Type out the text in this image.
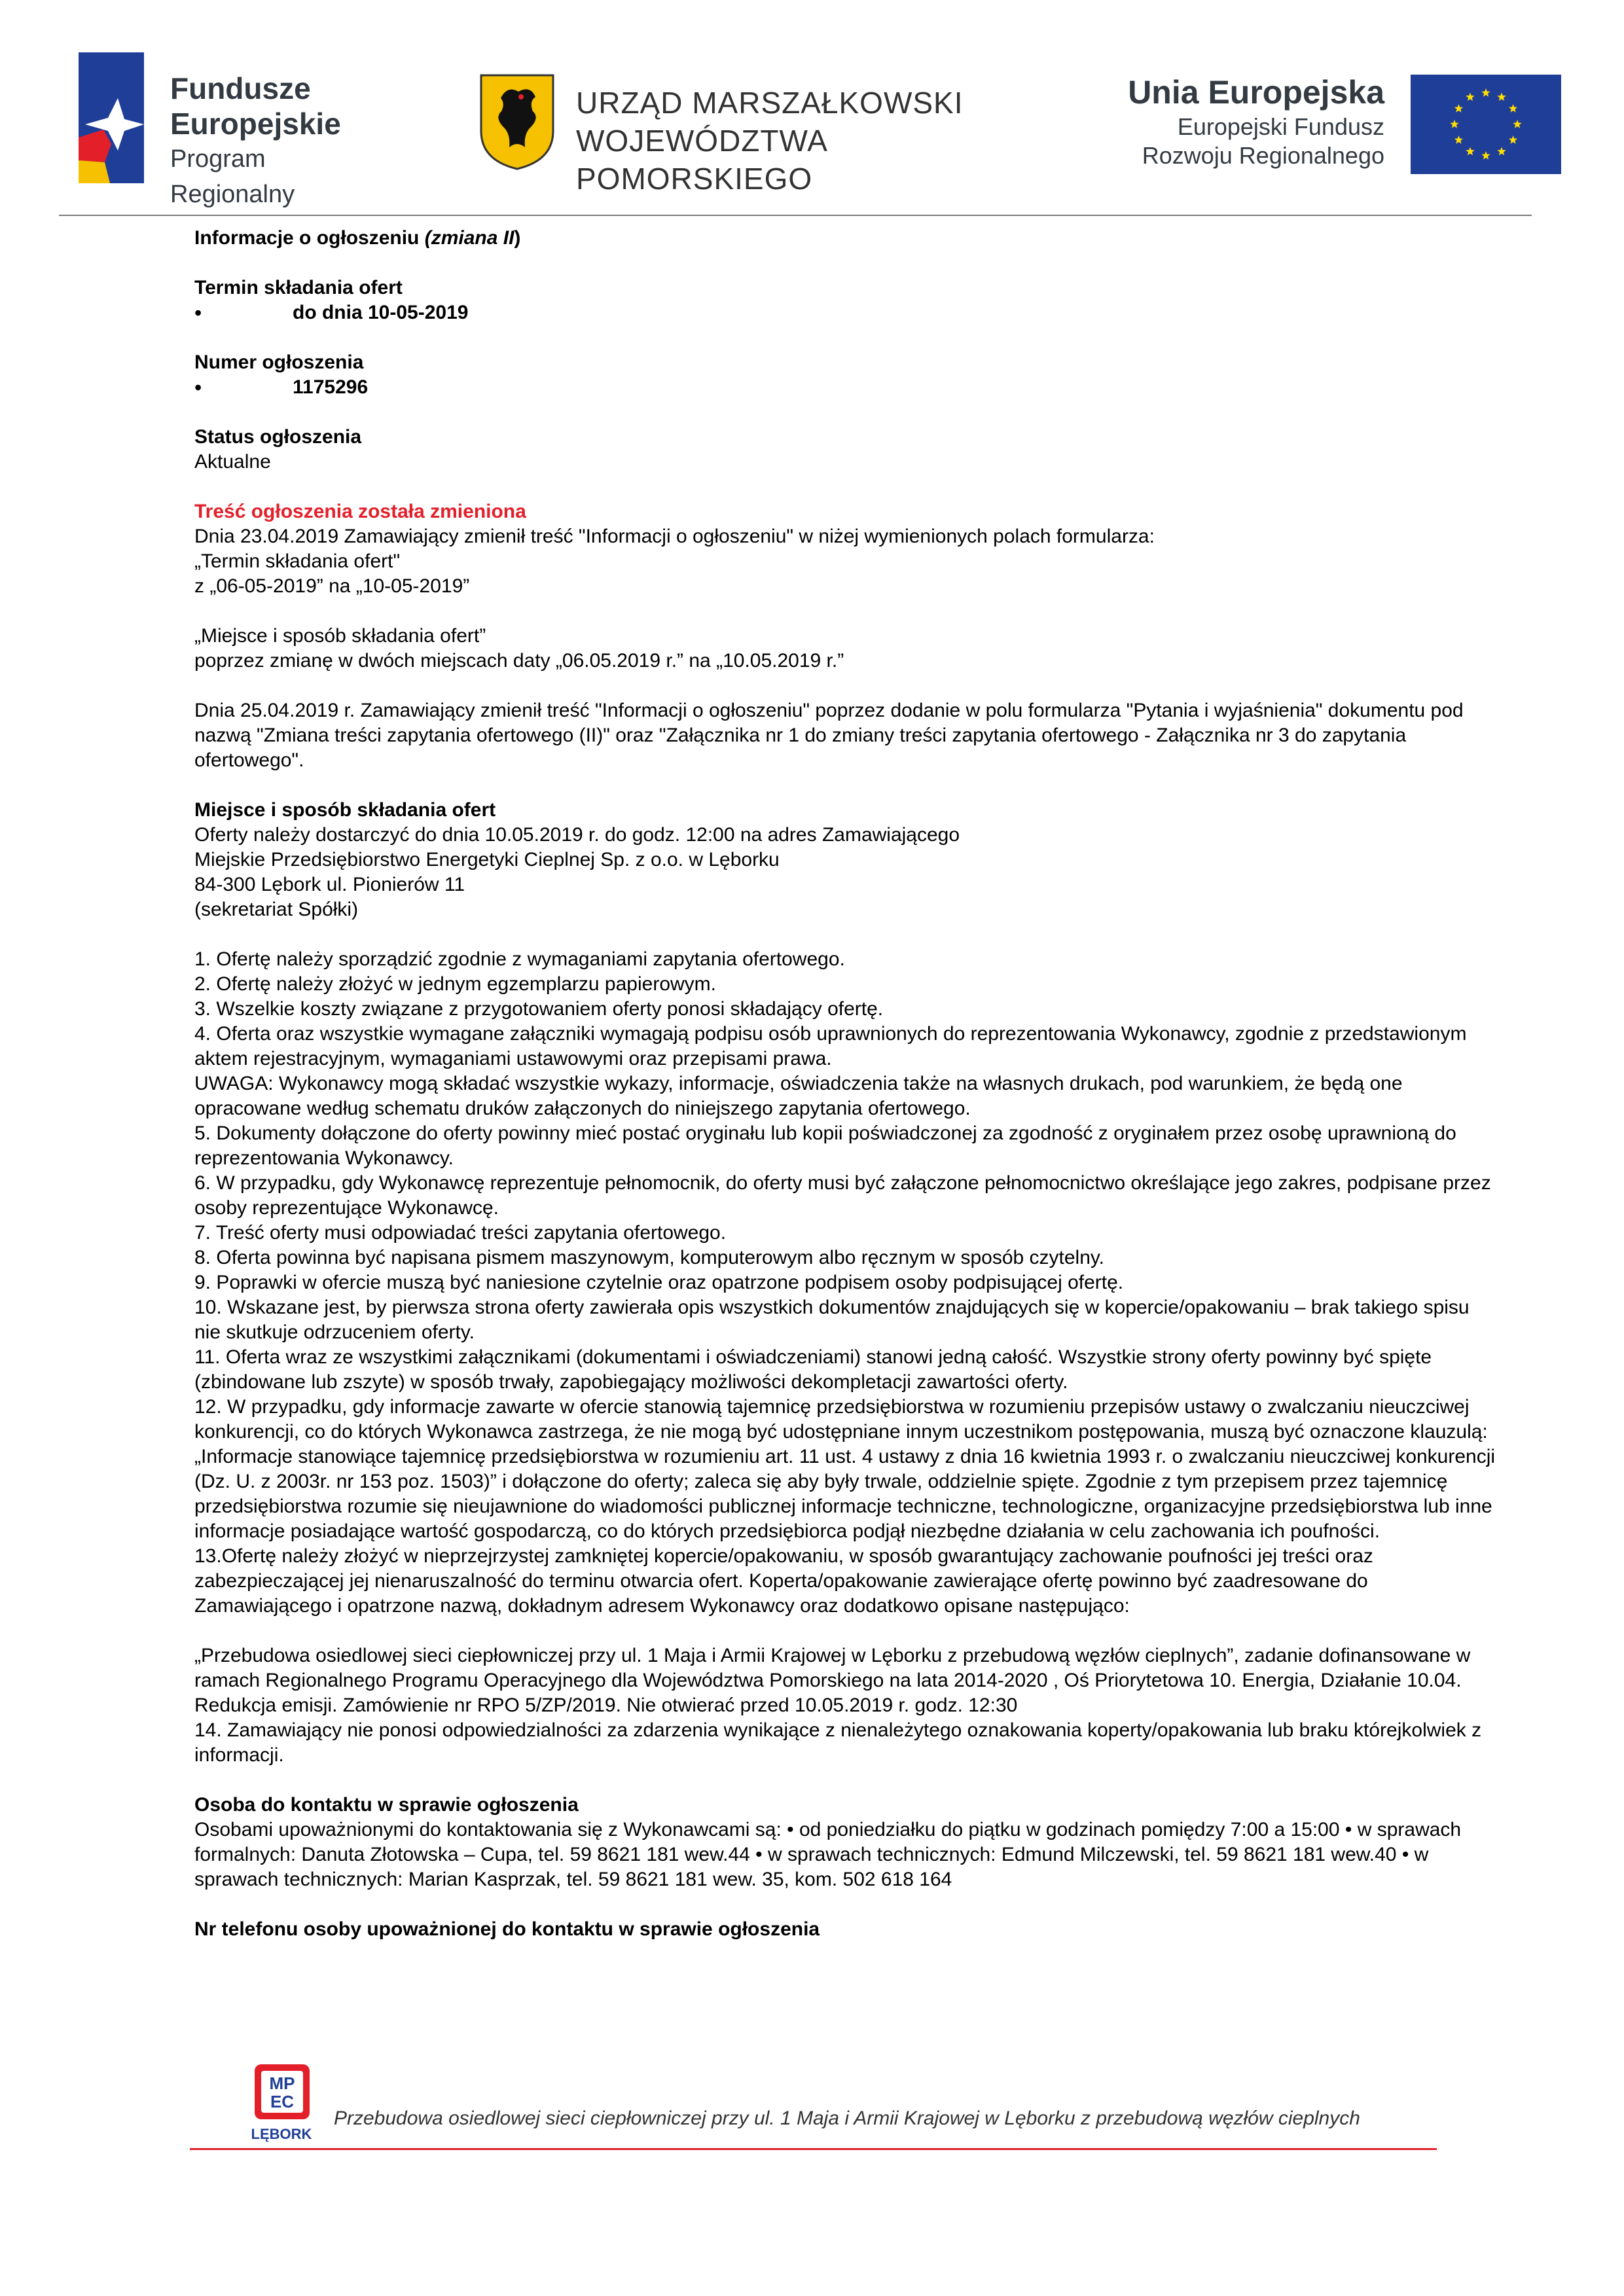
Fundusze
Europejskie
Program Regionalny
URZĄD MARSZAŁKOWSKI
WOJEWÓDZTWA POMORSKIEGO
Unia Europejska
Europejski Fundusz
Rozwoju Regionalnego
Informacje o ogłoszeniu (zmiana II)
Termin składania ofert
• do dnia 10-05-2019
Numer ogłoszenia
• 1175296
Status ogłoszenia
Aktualne
Treść ogłoszenia została zmieniona
Dnia 23.04.2019 Zamawiający zmienił treść "Informacji o ogłoszeniu" w niżej wymienionych polach formularza:
„Termin składania ofert"
z „06-05-2019” na „10-05-2019”
„Miejsce i sposób składania ofert”
poprzez zmianę w dwóch miejscach daty „06.05.2019 r.” na „10.05.2019 r.”
Dnia 25.04.2019 r. Zamawiający zmienił treść "Informacji o ogłoszeniu" poprzez dodanie w polu formularza "Pytania i wyjaśnienia" dokumentu pod nazwą "Zmiana treści zapytania ofertowego (II)" oraz "Załącznika nr 1 do zmiany treści zapytania ofertowego - Załącznika nr 3 do zapytania ofertowego".
Miejsce i sposób składania ofert
Oferty należy dostarczyć do dnia 10.05.2019 r. do godz. 12:00 na adres Zamawiającego
Miejskie Przedsiębiorstwo Energetyki Cieplnej Sp. z o.o. w Lęborku
84-300 Lębork ul. Pionierów 11
(sekretariat Spółki)
1. Ofertę należy sporządzić zgodnie z wymaganiami zapytania ofertowego.
2. Ofertę należy złożyć w jednym egzemplarzu papierowym.
3. Wszelkie koszty związane z przygotowaniem oferty ponosi składający ofertę.
4. Oferta oraz wszystkie wymagane załączniki wymagają podpisu osób uprawnionych do reprezentowania Wykonawcy, zgodnie z przedstawionym aktem rejestracyjnym, wymaganiami ustawowymi oraz przepisami prawa.
UWAGA: Wykonawcy mogą składać wszystkie wykazy, informacje, oświadczenia także na własnych drukach, pod warunkiem, że będą one opracowane według schematu druków załączonych do niniejszego zapytania ofertowego.
5. Dokumenty dołączone do oferty powinny mieć postać oryginału lub kopii poświadczonej za zgodność z oryginałem przez osobę uprawnioną do reprezentowania Wykonawcy.
6. W przypadku, gdy Wykonawcę reprezentuje pełnomocnik, do oferty musi być załączone pełnomocnictwo określające jego zakres, podpisane przez osoby reprezentujące Wykonawcę.
7. Treść oferty musi odpowiadać treści zapytania ofertowego.
8. Oferta powinna być napisana pismem maszynowym, komputerowym albo ręcznym w sposób czytelny.
9. Poprawki w ofercie muszą być naniesione czytelnie oraz opatrzone podpisem osoby podpisującej ofertę.
10. Wskazane jest, by pierwsza strona oferty zawierała opis wszystkich dokumentów znajdujących się w kopercie/opakowaniu – brak takiego spisu nie skutkuje odrzuceniem oferty.
11. Oferta wraz ze wszystkimi załącznikami (dokumentami i oświadczeniami) stanowi jedną całość. Wszystkie strony oferty powinny być spięte (zbindowane lub zszyte) w sposób trwały, zapobiegający możliwości dekompletacji zawartości oferty.
12. W przypadku, gdy informacje zawarte w ofercie stanowią tajemnicę przedsiębiorstwa w rozumieniu przepisów ustawy o zwalczaniu nieuczciwej konkurencji, co do których Wykonawca zastrzega, że nie mogą być udostępniane innym uczestnikom postępowania, muszą być oznaczone klauzulą: „Informacje stanowiące tajemnicę przedsiębiorstwa w rozumieniu art. 11 ust. 4 ustawy z dnia 16 kwietnia 1993 r. o zwalczaniu nieuczciwej konkurencji (Dz. U. z 2003r. nr 153 poz. 1503)” i dołączone do oferty; zaleca się aby były trwale, oddzielnie spięte. Zgodnie z tym przepisem przez tajemnicę przedsiębiorstwa rozumie się nieujawnione do wiadomości publicznej informacje techniczne, technologiczne, organizacyjne przedsiębiorstwa lub inne informacje posiadające wartość gospodarczą, co do których przedsiębiorca podjął niezbędne działania w celu zachowania ich poufności.
13.Ofertę należy złożyć w nieprzejrzystej zamkniętej kopercie/opakowaniu, w sposób gwarantujący zachowanie poufności jej treści oraz zabezpieczającej jej nienaruszalność do terminu otwarcia ofert. Koperta/opakowanie zawierające ofertę powinno być zaadresowane do Zamawiającego i opatrzone nazwą, dokładnym adresem Wykonawcy oraz dodatkowo opisane następująco:
„Przebudowa osiedlowej sieci ciepłowniczej przy ul. 1 Maja i Armii Krajowej w Lęborku z przebudową węzłów cieplnych”, zadanie dofinansowane w ramach Regionalnego Programu Operacyjnego dla Województwa Pomorskiego na lata 2014-2020 , Oś Priorytetowa 10. Energia, Działanie 10.04. Redukcja emisji. Zamówienie nr RPO 5/ZP/2019. Nie otwierać przed 10.05.2019 r. godz. 12:30
14. Zamawiający nie ponosi odpowiedzialności za zdarzenia wynikające z nienależytego oznakowania koperty/opakowania lub braku którejkolwiek z informacji.
Osoba do kontaktu w sprawie ogłoszenia
Osobami upoważnionymi do kontaktowania się z Wykonawcami są: • od poniedziałku do piątku w godzinach pomiędzy 7:00 a 15:00 • w sprawach formalnych: Danuta Złotowska – Cupa, tel. 59 8621 181 wew.44 • w sprawach technicznych: Edmund Milczewski, tel. 59 8621 181 wew.40 • w sprawach technicznych: Marian Kasprzak, tel. 59 8621 181 wew. 35, kom. 502 618 164
Nr telefonu osoby upoważnionej do kontaktu w sprawie ogłoszenia
MP
EC
LĘBORK
Przebudowa osiedlowej sieci ciepłowniczej przy ul. 1 Maja i Armii Krajowej w Lęborku z przebudową węzłów cieplnych
